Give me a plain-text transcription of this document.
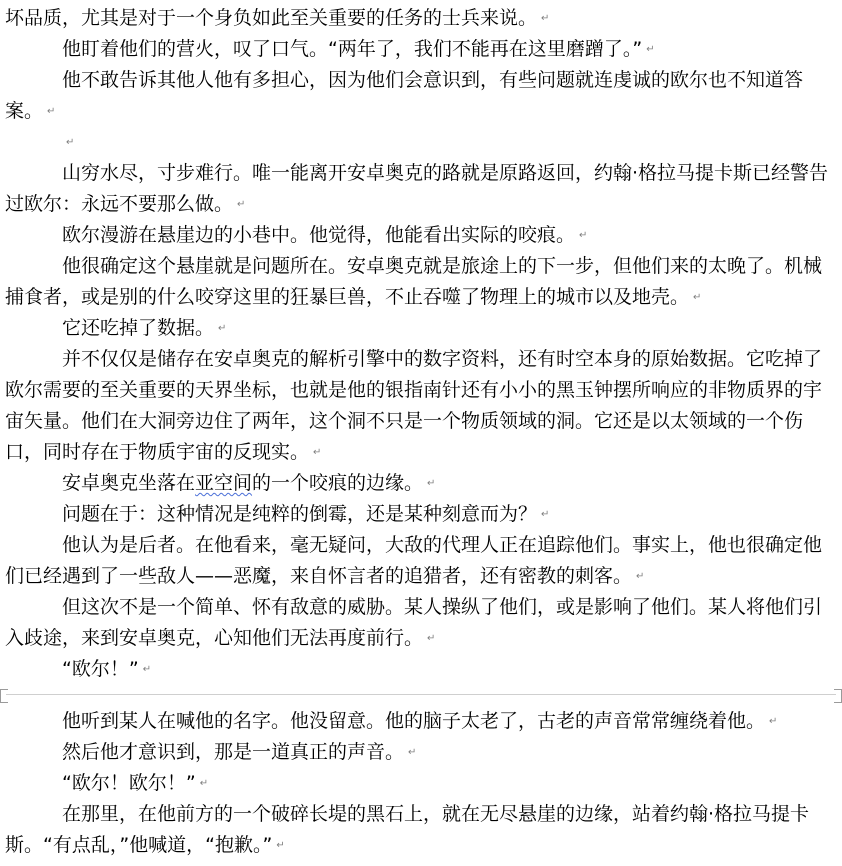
坏品质，尤其是对于一个身负如此至关重要的任务的士兵来说。 ↵

他盯着他们的营火，叹了口气。“两年了，我们不能再在这里磨蹭了。” ↵

他不敢告诉其他人他有多担心，因为他们会意识到，有些问题就连虔诚的欧尔也不知道答案。 ↵

↵

山穷水尽，寸步难行。唯一能离开安卓奥克的路就是原路返回，约翰·格拉马提卡斯已经警告过欧尔：永远不要那么做。 ↵

欧尔漫游在悬崖边的小巷中。他觉得，他能看出实际的咬痕。 ↵

他很确定这个悬崖就是问题所在。安卓奥克就是旅途上的下一步，但他们来的太晚了。机械捕食者，或是别的什么咬穿这里的狂暴巨兽，不止吞噬了物理上的城市以及地壳。 ↵

它还吃掉了数据。 ↵

并不仅仅是储存在安卓奥克的解析引擎中的数字资料，还有时空本身的原始数据。它吃掉了欧尔需要的至关重要的天界坐标，也就是他的银指南针还有小小的黑玉钟摆所响应的非物质界的宇宙矢量。他们在大洞旁边住了两年，这个洞不只是一个物质领域的洞。它还是以太领域的一个伤口，同时存在于物质宇宙的反现实。 ↵

安卓奥克坐落在亚空间的一个咬痕的边缘。 ↵

问题在于：这种情况是纯粹的倒霉，还是某种刻意而为？ ↵

他认为是后者。在他看来，毫无疑问，大敌的代理人正在追踪他们。事实上，他也很确定他们已经遇到了一些敌人——恶魔，来自怀言者的追猎者，还有密教的刺客。 ↵

但这次不是一个简单、怀有敌意的威胁。某人操纵了他们，或是影响了他们。某人将他们引入歧途，来到安卓奥克，心知他们无法再度前行。 ↵

“欧尔！” ↵

他听到某人在喊他的名字。他没留意。他的脑子太老了，古老的声音常常缠绕着他。 ↵

然后他才意识到，那是一道真正的声音。 ↵

“欧尔！欧尔！” ↵

在那里，在他前方的一个破碎长堤的黑石上，就在无尽悬崖的边缘，站着约翰·格拉马提卡斯。“有点乱，”他喊道，“抱歉。” ↵
